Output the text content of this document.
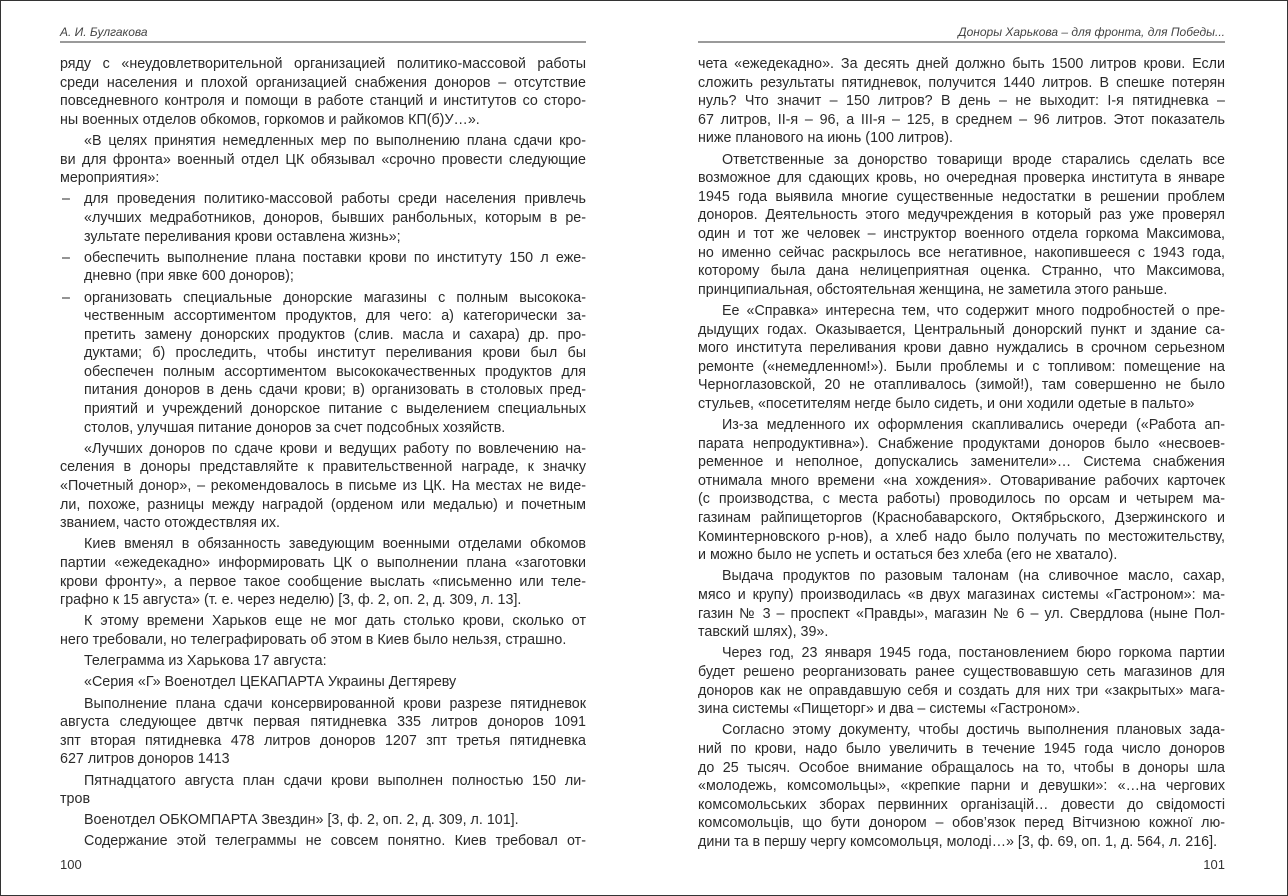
А. И. Булгакова
ряду с «неудовлетворительной организацией политико-массовой работы
среди населения и плохой организацией снабжения доноров – отсутствие
повседневного контроля и помощи в работе станций и институтов со сторо-
ны военных отделов обкомов, горкомов и райкомов КП(б)У…».
«В целях принятия немедленных мер по выполнению плана сдачи кро-
ви для фронта» военный отдел ЦК обязывал «срочно провести следующие
мероприятия»:
– для проведения политико-массовой работы среди населения привлечь
«лучших медработников, доноров, бывших ранбольных, которым в ре-
зультате переливания крови оставлена жизнь»;
– обеспечить выполнение плана поставки крови по институту 150 л еже-
дневно (при явке 600 доноров);
– организовать специальные донорские магазины с полным высокока-
чественным ассортиментом продуктов, для чего: а) категорически за-
претить замену донорских продуктов (слив. масла и сахара) др. про-
дуктами; б) проследить, чтобы институт переливания крови был бы
обеспечен полным ассортиментом высококачественных продуктов для
питания доноров в день сдачи крови; в) организовать в столовых пред-
приятий и учреждений донорское питание с выделением специальных
столов, улучшая питание доноров за счет подсобных хозяйств.
«Лучших доноров по сдаче крови и ведущих работу по вовлечению на-
селения в доноры представляйте к правительственной награде, к значку
«Почетный донор», – рекомендовалось в письме из ЦК. На местах не виде-
ли, похоже, разницы между наградой (орденом или медалью) и почетным
званием, часто отождествляя их.
Киев вменял в обязанность заведующим военными отделами обкомов
партии «ежедекадно» информировать ЦК о выполнении плана «заготовки
крови фронту», а первое такое сообщение выслать «письменно или теле-
графно к 15 августа» (т. е. через неделю) [3, ф. 2, оп. 2, д. 309, л. 13].
К этому времени Харьков еще не мог дать столько крови, сколько от
него требовали, но телеграфировать об этом в Киев было нельзя, страшно.
Телеграмма из Харькова 17 августа:
«Серия «Г» Военотдел ЦЕКАПАРТА Украины Дегтяреву
Выполнение плана сдачи консервированной крови разрезе пятидневок
августа следующее двтчк первая пятидневка 335 литров доноров 1091
зпт вторая пятидневка 478 литров доноров 1207 зпт третья пятидневка
627 литров доноров 1413
Пятнадцатого августа план сдачи крови выполнен полностью 150 ли-
тров
Военотдел ОБКОМПАРТА Звездин» [3, ф. 2, оп. 2, д. 309, л. 101].
Содержание этой телеграммы не совсем понятно. Киев требовал от-
100
Доноры Харькова – для фронта, для Победы...
чета «ежедекадно». За десять дней должно быть 1500 литров крови. Если
сложить результаты пятидневок, получится 1440 литров. В спешке потерян
нуль? Что значит – 150 литров? В день – не выходит: I-я пятидневка –
67 литров, II-я – 96, а III-я – 125, в среднем – 96 литров. Этот показатель
ниже планового на июнь (100 литров).
Ответственные за донорство товарищи вроде старались сделать все
возможное для сдающих кровь, но очередная проверка института в январе
1945 года выявила многие существенные недостатки в решении проблем
доноров. Деятельность этого медучреждения в который раз уже проверял
один и тот же человек – инструктор военного отдела горкома Максимова,
но именно сейчас раскрылось все негативное, накопившееся с 1943 года,
которому была дана нелицеприятная оценка. Странно, что Максимова,
принципиальная, обстоятельная женщина, не заметила этого раньше.
Ее «Справка» интересна тем, что содержит много подробностей о пре-
дыдущих годах. Оказывается, Центральный донорский пункт и здание са-
мого института переливания крови давно нуждались в срочном серьезном
ремонте («немедленном!»). Были проблемы и с топливом: помещение на
Черноглазовской, 20 не отапливалось (зимой!), там совершенно не было
стульев, «посетителям негде было сидеть, и они ходили одетые в пальто»
Из-за медленного их оформления скапливались очереди («Работа ап-
парата непродуктивна»). Снабжение продуктами доноров было «несвоев-
ременное и неполное, допускались заменители»… Система снабжения
отнимала много времени «на хождения». Отоваривание рабочих карточек
(с производства, с места работы) проводилось по орсам и четырем ма-
газинам райпищеторгов (Краснобаварского, Октябрьского, Дзержинского и
Коминтерновского р-нов), а хлеб надо было получать по местожительству,
и можно было не успеть и остаться без хлеба (его не хватало).
Выдача продуктов по разовым талонам (на сливочное масло, сахар,
мясо и крупу) производилась «в двух магазинах системы «Гастроном»: ма-
газин № 3 – проспект «Правды», магазин № 6 – ул. Свердлова (ныне Пол-
тавский шлях), 39».
Через год, 23 января 1945 года, постановлением бюро горкома партии
будет решено реорганизовать ранее существовавшую сеть магазинов для
доноров как не оправдавшую себя и создать для них три «закрытых» мага-
зина системы «Пищеторг» и два – системы «Гастроном».
Согласно этому документу, чтобы достичь выполнения плановых зада-
ний по крови, надо было увеличить в течение 1945 года число доноров
до 25 тысяч. Особое внимание обращалось на то, чтобы в доноры шла
«молодежь, комсомольцы», «крепкие парни и девушки»: «…на чергових
комсомольських зборах первинних організацій… довести до свідомості
комсомольців, що бути донором – обов’язок перед Вітчизною кожної лю-
дини та в першу чергу комсомольця, молоді…» [3, ф. 69, оп. 1, д. 564, л. 216].
101
